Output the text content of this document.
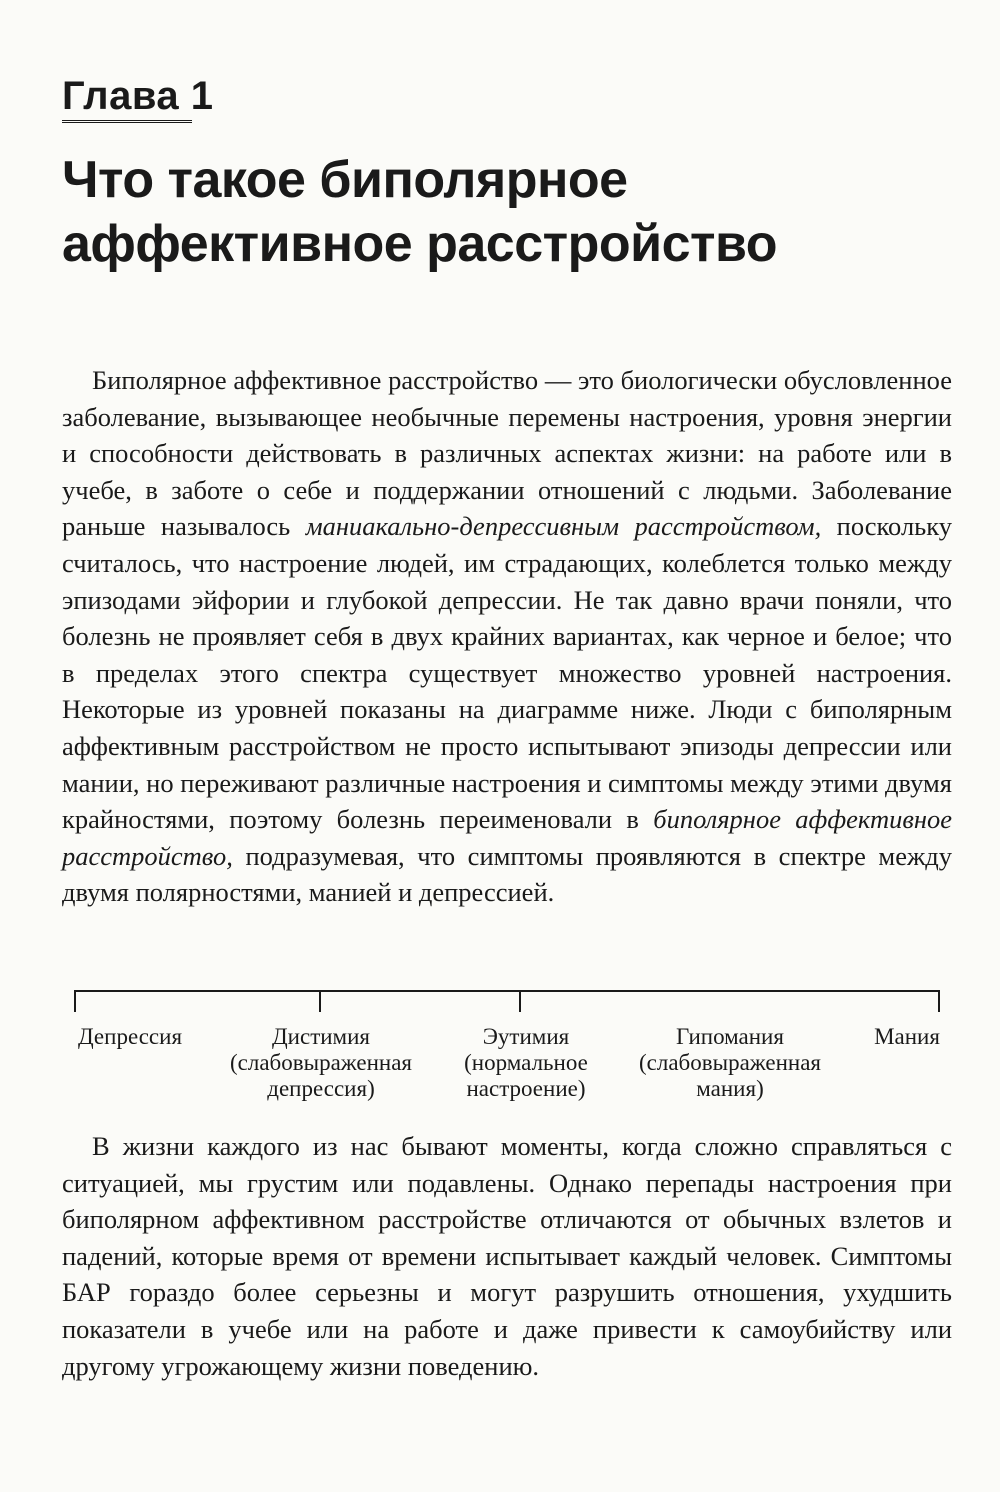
Глава 1
Что такое биполярное аффективное расстройство

Биполярное аффективное расстройство — это биологически обусловленное заболевание, вызывающее необычные перемены настроения, уровня энергии и способности действовать в различных аспектах жизни: на работе или в учебе, в заботе о себе и поддержании отношений с людьми. Заболевание раньше называлось маниакально-депрессивным расстройством, поскольку считалось, что настроение людей, им страдающих, колеблется только между эпизодами эйфории и глубокой депрессии. Не так давно врачи поняли, что болезнь не проявляет себя в двух крайних вариантах, как черное и белое; что в пределах этого спектра существует множество уровней настроения. Некоторые из уровней показаны на диаграмме ниже. Люди с биполярным аффективным расстройством не просто испытывают эпизоды депрессии или мании, но переживают различные настроения и симптомы между этими двумя крайностями, поэтому болезнь переименовали в биполярное аффективное расстройство, подразумевая, что симптомы проявляются в спектре между двумя полярностями, манией и депрессией.

Депрессия	Дистимия
(слабовыраженная
депрессия)
Эутимия
(нормальное
настроение)
Гипомания
(слабовыраженная
мания)
Мания

В жизни каждого из нас бывают моменты, когда сложно справляться с ситуацией, мы грустим или подавлены. Однако перепады настроения при биполярном аффективном расстройстве отличаются от обычных взлетов и падений, которые время от времени испытывает каждый человек. Симптомы БАР гораздо более серьезны и могут разрушить отношения, ухудшить показатели в учебе или на работе и даже привести к самоубийству или другому угрожающему жизни поведению.
